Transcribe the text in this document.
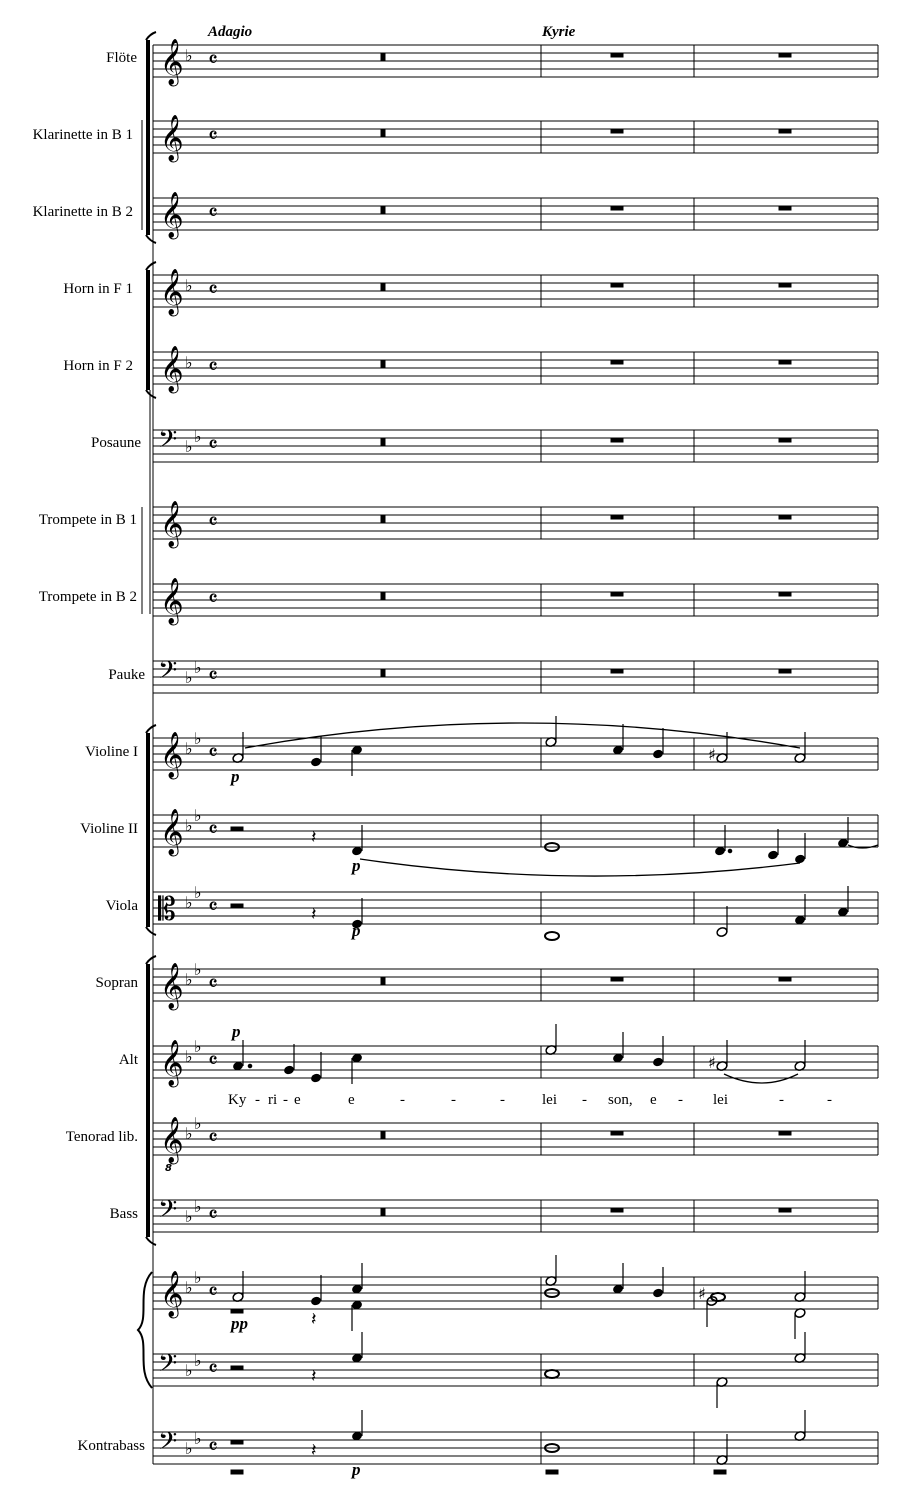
𝄞 ♭ 𝄴
𝄞 𝄴
𝄞 𝄴
𝄞 ♭ 𝄴
𝄞 ♭ 𝄴
𝄢 ♭
♭ 𝄴
𝄞 𝄴
𝄞 𝄴
𝄢 ♭
♭ 𝄴
𝄞 ♭
♭
𝄴
𝄞 ♭
♭
𝄴
𝄡 ♭
♭
𝄴
𝄞 ♭
♭
𝄴
𝄞 ♭
♭
𝄴
𝄞
8
♭
♭
𝄴
𝄢 ♭
♭ 𝄴
𝄞 ♭
♭
𝄴
𝄢 ♭
♭ 𝄴
𝄢 ♭
♭ 𝄴
♯
𝄽
𝄽
♯
𝄽
♯
𝄽
𝄽
Adagio	Kyrie
Flöte
Klarinette in B 1
Klarinette in B 2
Horn in F 1
Horn in F 2
Posaune
Trompete in B 1
Trompete in B 2
Pauke
Violine I
Violine II
Viola
Sopran
Alt
Tenorad lib.
Bass
Kontrabass
Ky - ri - e	e	-	-	- lei - son, e - lei	-	-
p
p
p
p
pp
p
